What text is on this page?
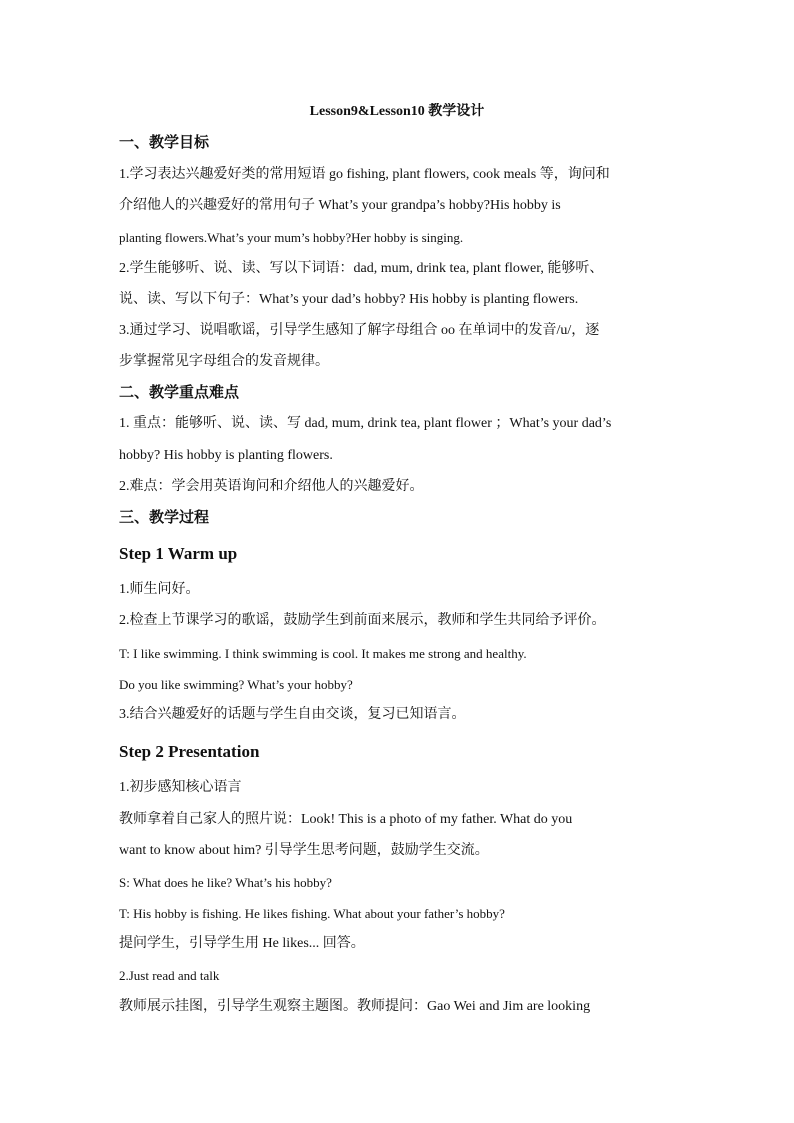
Lesson9&Lesson10 教学设计
一、教学目标
1.学习表达兴趣爱好类的常用短语 go fishing, plant flowers, cook meals 等，询问和
介绍他人的兴趣爱好的常用句子 What’s your grandpa’s hobby?His hobby is
planting flowers.What’s your mum’s hobby?Her hobby is singing.
2.学生能够听、说、读、写以下词语：dad, mum, drink tea, plant flower, 能够听、
说、读、写以下句子：What’s your dad’s hobby? His hobby is planting flowers.
3.通过学习、说唱歌谣，引导学生感知了解字母组合 oo 在单词中的发音/u/，逐
步掌握常见字母组合的发音规律。
二、教学重点难点
1. 重点：能够听、说、读、写 dad, mum, drink tea, plant flower ；What’s your dad’s
hobby? His hobby is planting flowers.
2.难点：学会用英语询问和介绍他人的兴趣爱好。
三、教学过程
Step 1 Warm up
1.师生问好。
2.检查上节课学习的歌谣，鼓励学生到前面来展示，教师和学生共同给予评价。
T: I like swimming. I think swimming is cool. It makes me strong and healthy.
Do you like swimming? What’s your hobby?
3.结合兴趣爱好的话题与学生自由交谈，复习已知语言。
Step 2 Presentation
1.初步感知核心语言
教师拿着自己家人的照片说：Look! This is a photo of my father. What do you
want to know about him? 引导学生思考问题，鼓励学生交流。
S: What does he like? What’s his hobby?
T: His hobby is fishing. He likes fishing. What about your father’s hobby?
提问学生，引导学生用 He likes... 回答。
2.Just read and talk
教师展示挂图，引导学生观察主题图。教师提问：Gao Wei and Jim are looking
